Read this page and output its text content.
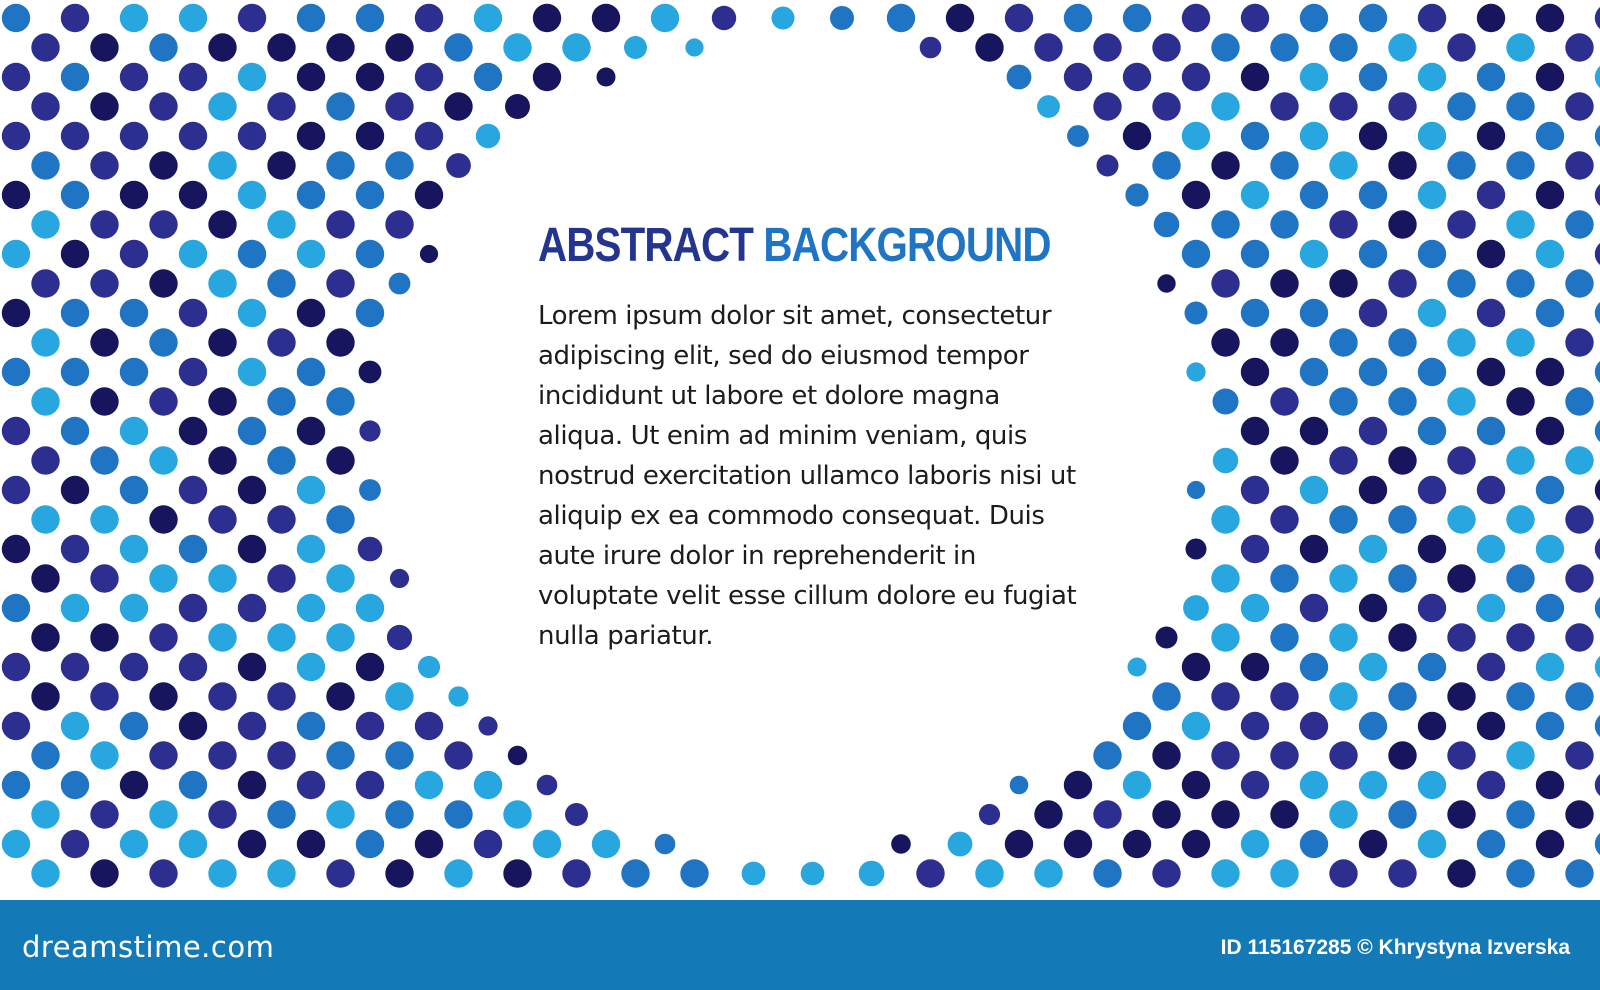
ABSTRACT BACKGROUND

Lorem ipsum dolor sit amet, consectetur adipiscing elit, sed do eiusmod tempor incididunt ut labore et dolore magna aliqua. Ut enim ad minim veniam, quis nostrud exercitation ullamco laboris nisi ut aliquip ex ea commodo consequat. Duis aute irure dolor in reprehenderit in voluptate velit esse cillum dolore eu fugiat nulla pariatur.

dreamstime.com	ID 115167285 © Khrystyna Izverska
